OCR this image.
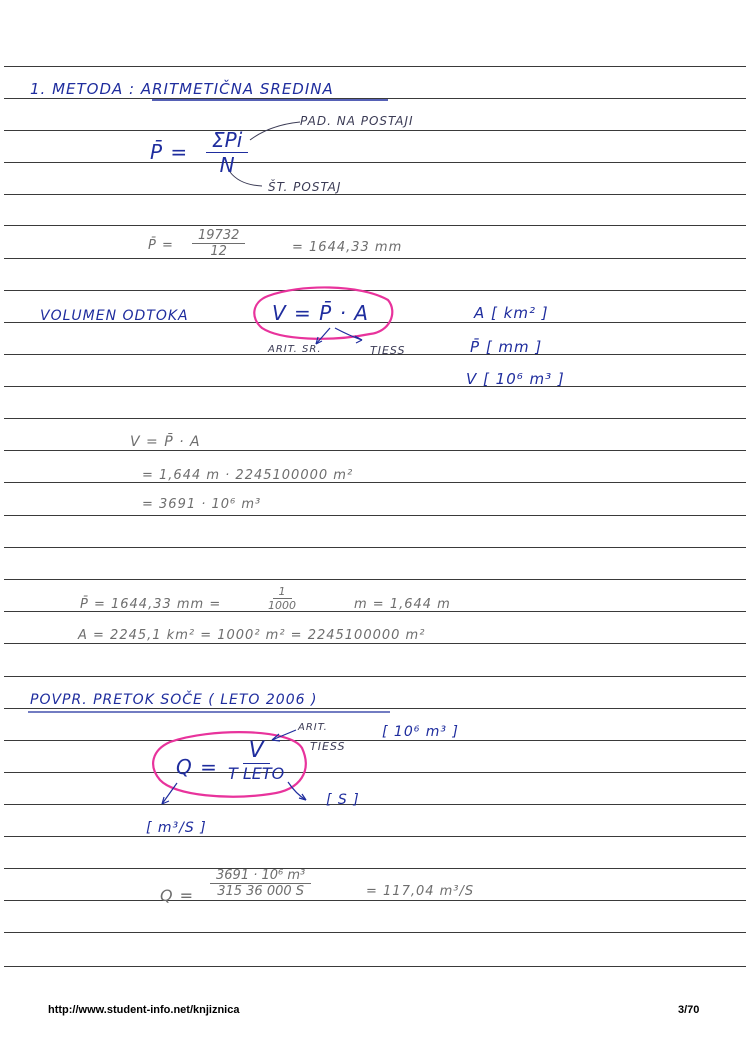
1. METODA : ARITMETIČNA SREDINA
P̄ =	ΣPi
N
PAD. NA POSTAJI
ŠT. POSTAJ
P̄ = $\frac{19732}{12}$	= 1644,33 mm
VOLUMEN ODTOKA	V = P̄ · A
ARIT. SR.	TIESS
A [ km² ]
P̄ [ mm ]
V [ 10⁶ m³ ]
V = P̄ · A
= 1,644 m · 2245100000 m²
= 3691 · 10⁶ m³
P̄ = 1644,33 mm =	$\frac{1}{1000}$	m = 1,644 m
A = 2245,1 km² = 1000² m² = 2245100000 m²
POVPR. PRETOK SOČE ( LETO 2006 )
ARIT.
TIESS
[ 10⁶ m³ ]
Q =
V
T LETO
[ S ]
[ m³/S ]
$Q = \frac{\text{3691 · 10⁶ m³}}{315 36 000 S}$	= 117,04 m³/S
http://www.student-info.net/knjiznica	3/70
